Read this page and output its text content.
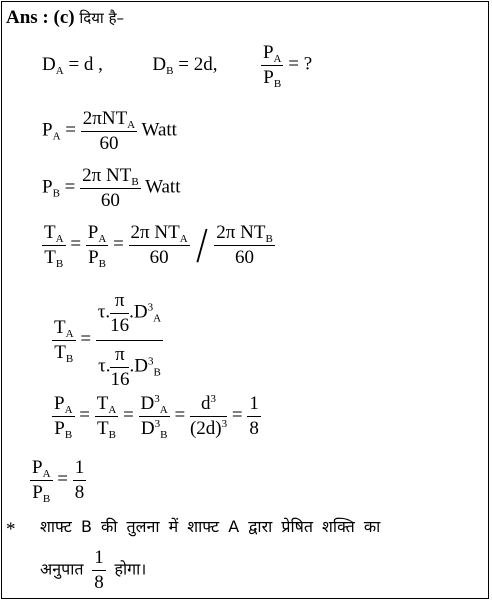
Ans : (c) दिया है–
$D_A = d$ ,	$D_B = 2d$, $\frac{P_A}{P_B}$ = ?
$P_A = \frac{2\pi NT_A}{60}$ Watt
$P_B = \frac{2\pi NT_B}{60}$ Watt
$\frac{T_A}{T_B} = \frac{P_A}{P_B} = \frac{2\pi NT_A}{60} / \frac{2\pi NT_B}{60}$
$\frac{T_A}{T_B} = \frac{\tau. \frac{\pi}{16} .D^3_A}{\tau. \frac{\pi}{16} .D^3_B}$
$\frac{P_A}{P_B} = \frac{T_A}{T_B} = \frac{D^3_A}{D^3_B} = \frac{d^3}{(2d)^3} = \frac{1}{8}$
$\frac{P_A}{P_B} = \frac{1}{8}$
* शाफ्ट B की तुलना में शाफ्ट A द्वारा प्रेषित शक्ति का
अनुपात $\frac{1}{8}$ होगा।
